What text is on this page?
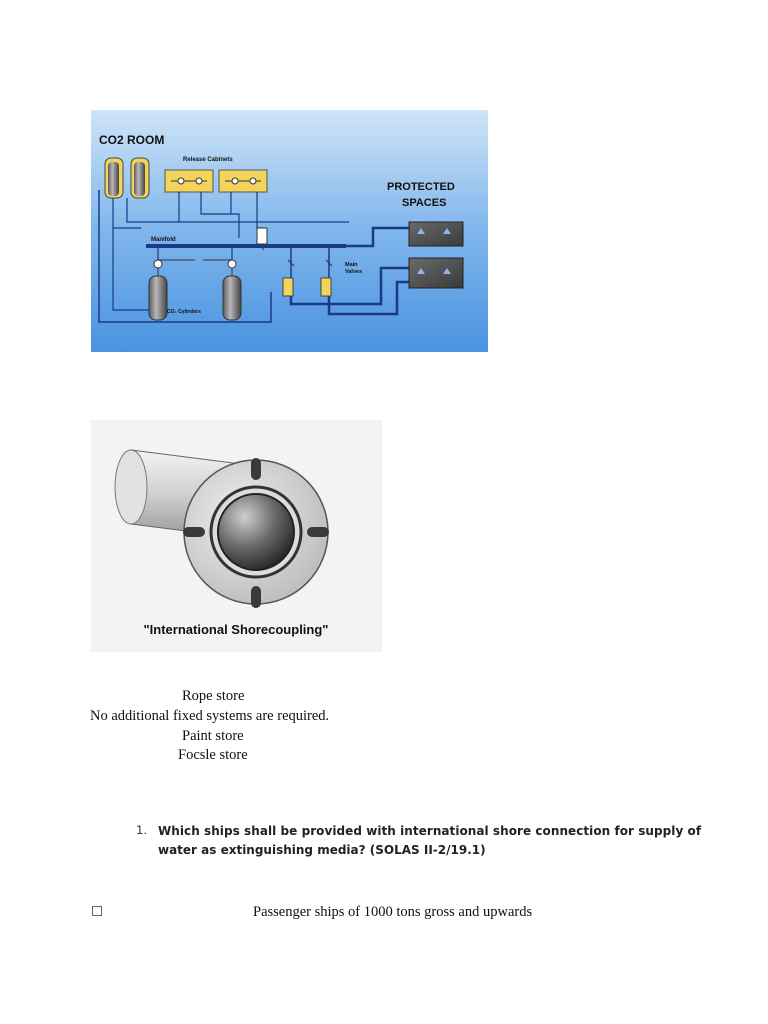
CO2 ROOM
Release Cabinets
Manifold
CO₂ Cylinders
Main
Valves
PROTECTED
SPACES
"International Shorecoupling"
Rope store
No additional fixed systems are required.
Paint store
Focsle store
1. Which ships shall be provided with international shore connection for supply of
water as extinguishing media? (SOLAS II-2/19.1)
Passenger ships of 1000 tons gross and upwards
